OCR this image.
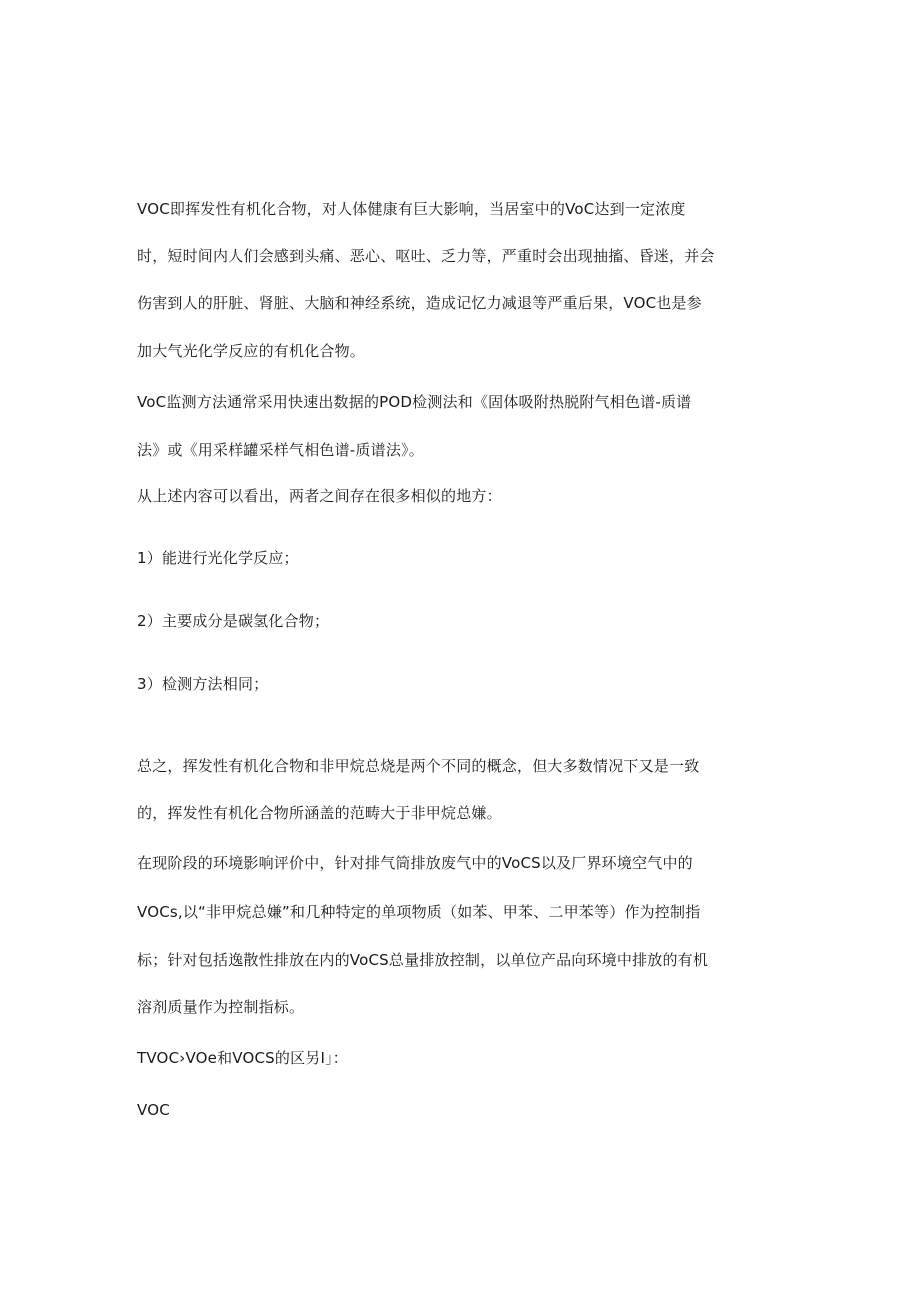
VOC即挥发性有机化合物，对人体健康有巨大影响，当居室中的VoC达到一定浓度
时，短时间内人们会感到头痛、恶心、呕吐、乏力等，严重时会出现抽搐、昏迷，并会
伤害到人的肝脏、肾脏、大脑和神经系统，造成记忆力减退等严重后果，VOC也是参
加大气光化学反应的有机化合物。
VoC监测方法通常采用快速出数据的POD检测法和《固体吸附热脱附气相色谱-质谱
法》或《用采样罐采样气相色谱-质谱法》。
从上述内容可以看出，两者之间存在很多相似的地方：
1）能进行光化学反应；
2）主要成分是碳氢化合物；
3）检测方法相同；
总之，挥发性有机化合物和非甲烷总烧是两个不同的概念，但大多数情况下又是一致
的，挥发性有机化合物所涵盖的范畴大于非甲烷总嫌。
在现阶段的环境影响评价中，针对排气筒排放废气中的VoCS以及厂界环境空气中的
VOCs,以“非甲烷总嫌”和几种特定的单项物质（如苯、甲苯、二甲苯等）作为控制指
标；针对包括逸散性排放在内的VoCS总量排放控制，以单位产品向环境中排放的有机
溶剂质量作为控制指标。
TVOC›VOe和VOCS的区另I」：
VOC
